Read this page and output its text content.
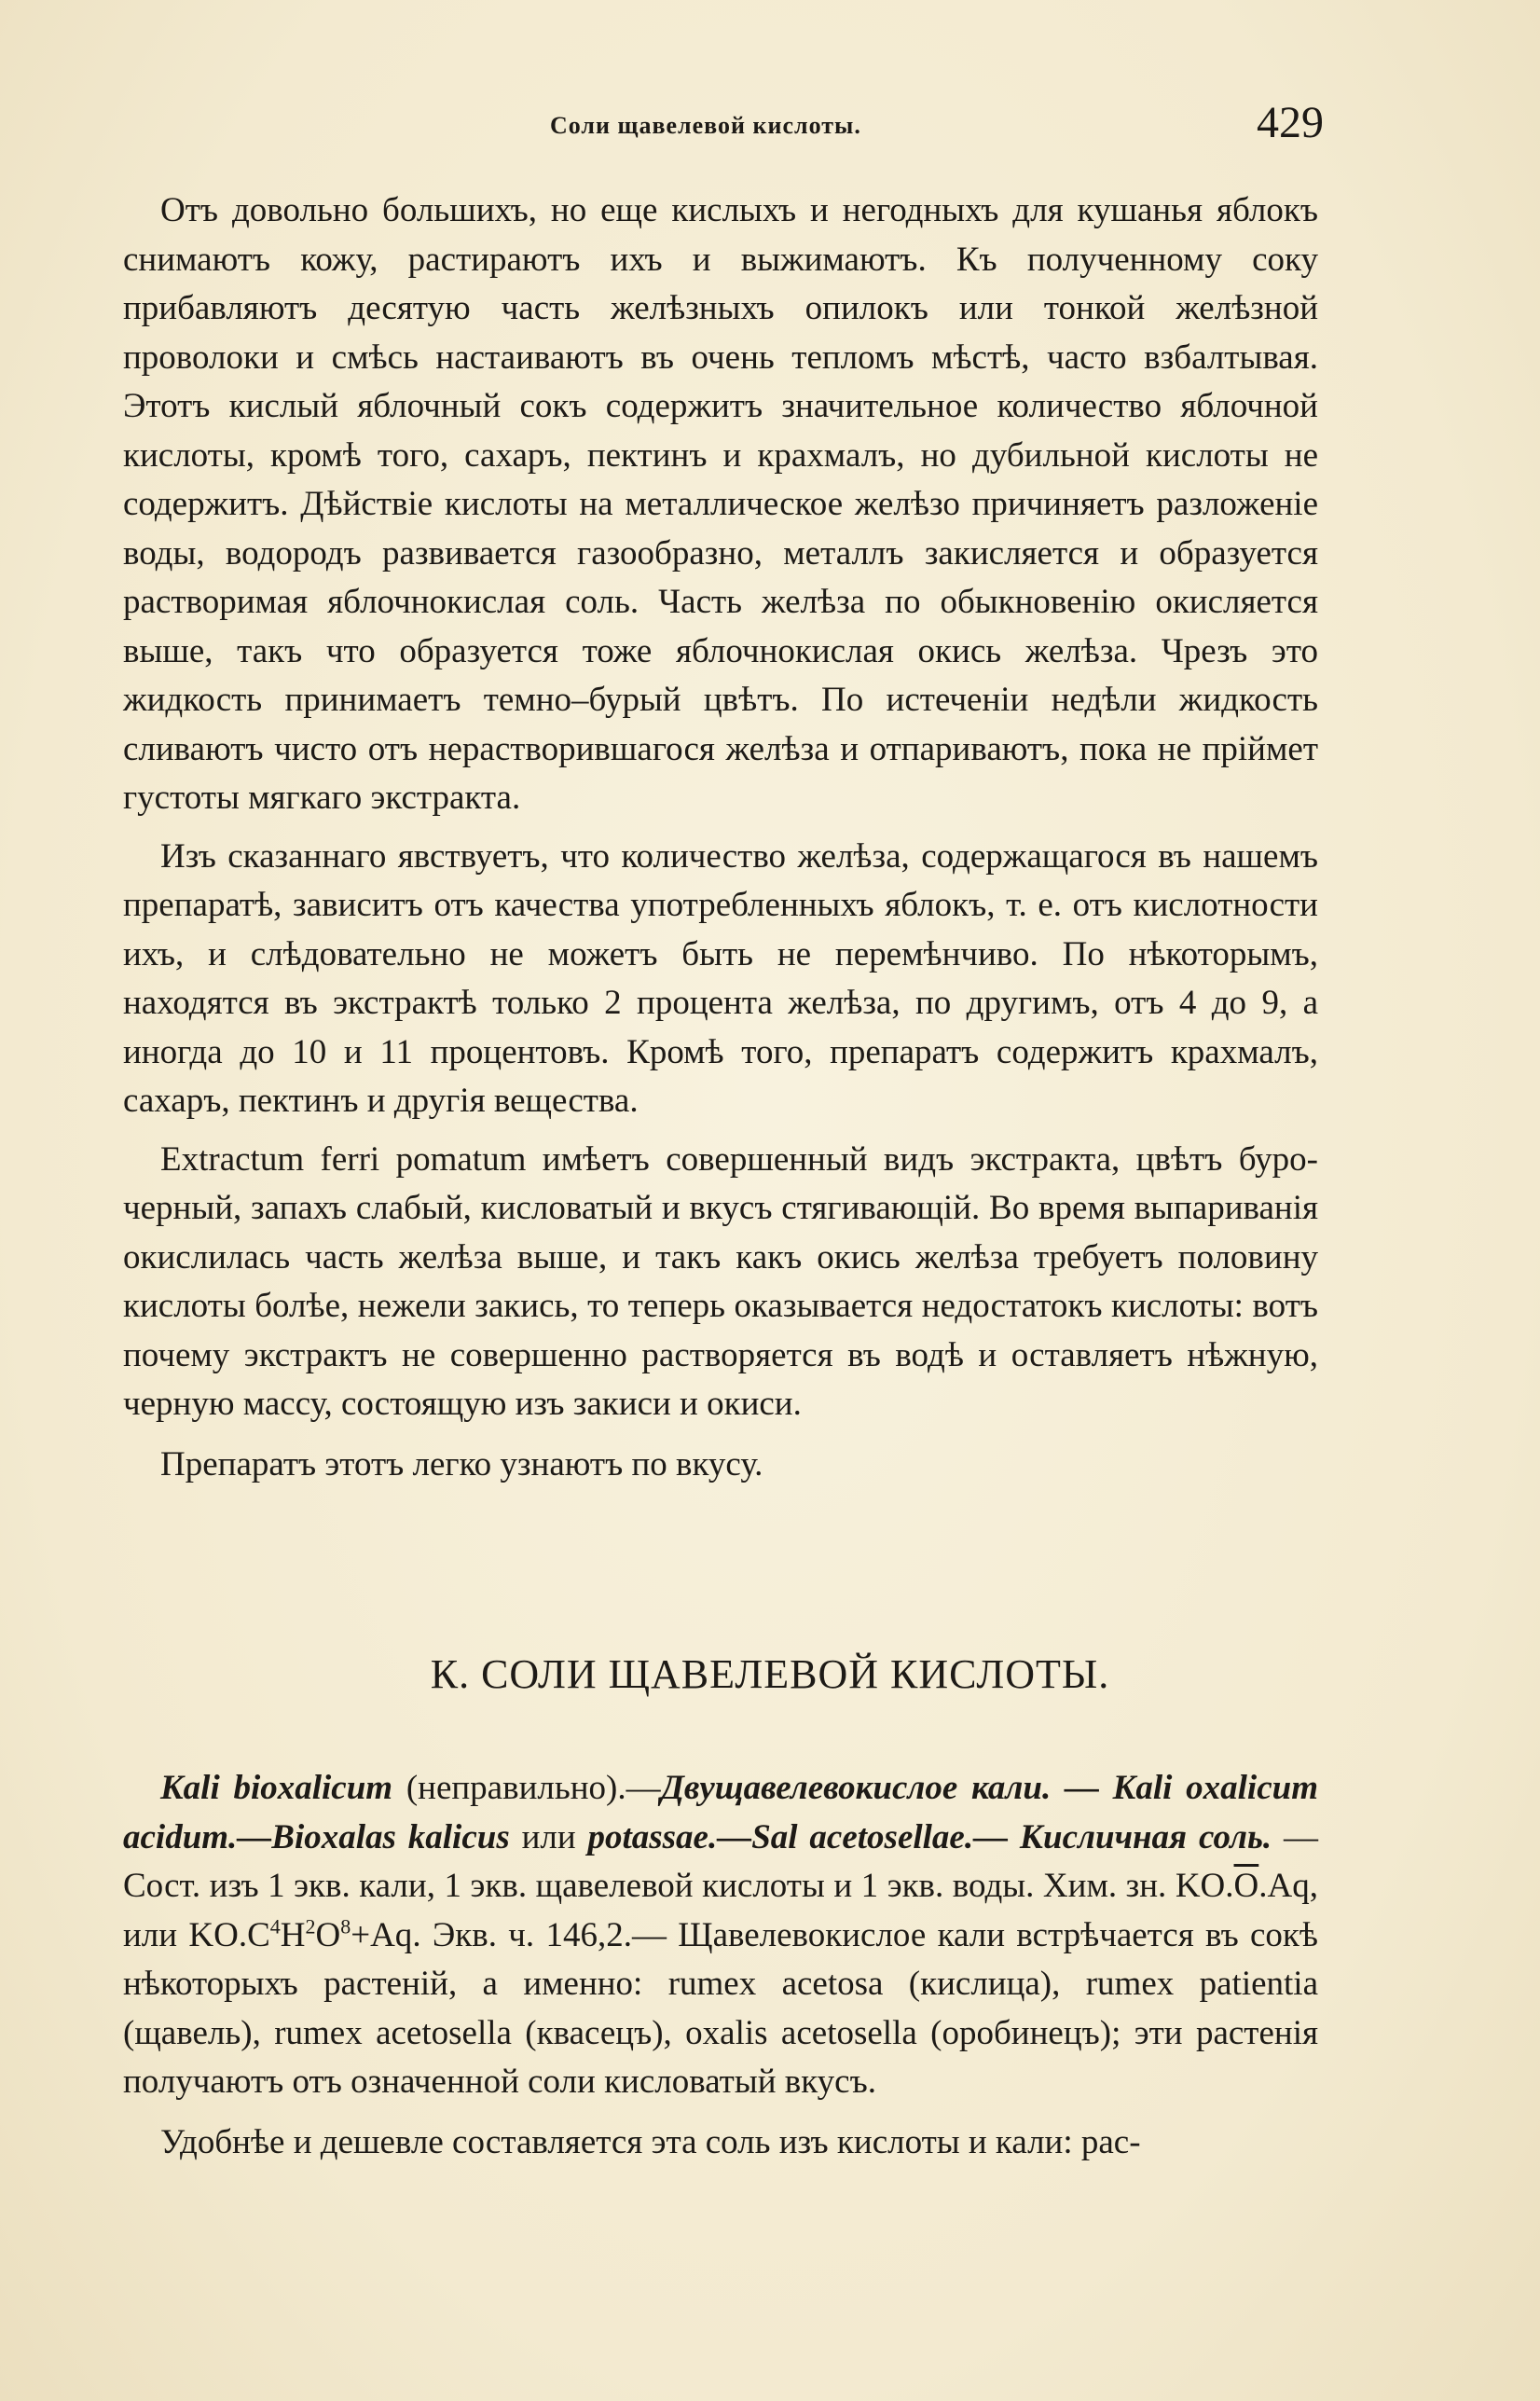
Соли щавелевой кислоты.	429

Отъ довольно большихъ, но еще кислыхъ и негодныхъ для кушанья яблокъ снимаютъ кожу, растираютъ ихъ и выжимаютъ. Къ полученному соку прибавляютъ десятую часть желѣзныхъ опилокъ или тонкой желѣзной проволоки и смѣсь настаиваютъ въ очень тепломъ мѣстѣ, часто взбалтывая. Этотъ кислый яблочный сокъ содержитъ значительное количество яблочной кислоты, кромѣ того, сахаръ, пектинъ и крахмалъ, но дубильной кислоты не содержитъ. Дѣйствіе кислоты на металлическое желѣзо причиняетъ разложеніе воды, водородъ развивается газообразно, металлъ закисляется и образуется растворимая яблочнокислая соль. Часть желѣза по обыкновенію окисляется выше, такъ что образуется тоже яблочнокислая окись желѣза. Чрезъ это жидкость принимаетъ темно–бурый цвѣтъ. По истеченіи недѣли жидкость сливаютъ чисто отъ нерастворившагося желѣза и отпариваютъ, пока не пріймет густоты мягкаго экстракта.

Изъ сказаннаго явствуетъ, что количество желѣза, содержащагося въ нашемъ препаратѣ, зависитъ отъ качества употребленныхъ яблокъ, т. е. отъ кислотности ихъ, и слѣдовательно не можетъ быть не перемѣнчиво. По нѣкоторымъ, находятся въ экстрактѣ только 2 процента желѣза, по другимъ, отъ 4 до 9, а иногда до 10 и 11 процентовъ. Кромѣ того, препаратъ содержитъ крахмалъ, сахаръ, пектинъ и другія вещества.

Extractum ferri pomatum имѣетъ совершенный видъ экстракта, цвѣтъ буро-черный, запахъ слабый, кисловатый и вкусъ стягивающій. Во время выпариванія окислилась часть желѣза выше, и такъ какъ окись желѣза требуетъ половину кислоты болѣе, нежели закись, то теперь оказывается недостатокъ кислоты: вотъ почему экстрактъ не совершенно растворяется въ водѣ и оставляетъ нѣжную, черную массу, состоящую изъ закиси и окиси.

Препаратъ этотъ легко узнаютъ по вкусу.

К. СОЛИ ЩАВЕЛЕВОЙ КИСЛОТЫ.

Kali bioxalicum (неправильно).—Двущавелевокислое кали. — Kali oxalicum acidum.—Bioxalas kalicus или potassae.—Sal acetosellae.— Кисличная соль. — Сост. изъ 1 экв. кали, 1 экв. щавелевой кислоты и 1 экв. воды. Хим. зн. $KO.\overline{O}.Aq$, или $KO.C^4H^2O^8+Aq$. Экв. ч. 146,2.— Щавелевокислое кали встрѣчается въ сокѣ нѣкоторыхъ растеній, а именно: rumex acetosa (кислица), rumex patientia (щавель), rumex acetosella (квасецъ), oxalis acetosella (оробинецъ); эти растенія получаютъ отъ означенной соли кисловатый вкусъ.

Удобнѣе и дешевле составляется эта соль изъ кислоты и кали: рас-
